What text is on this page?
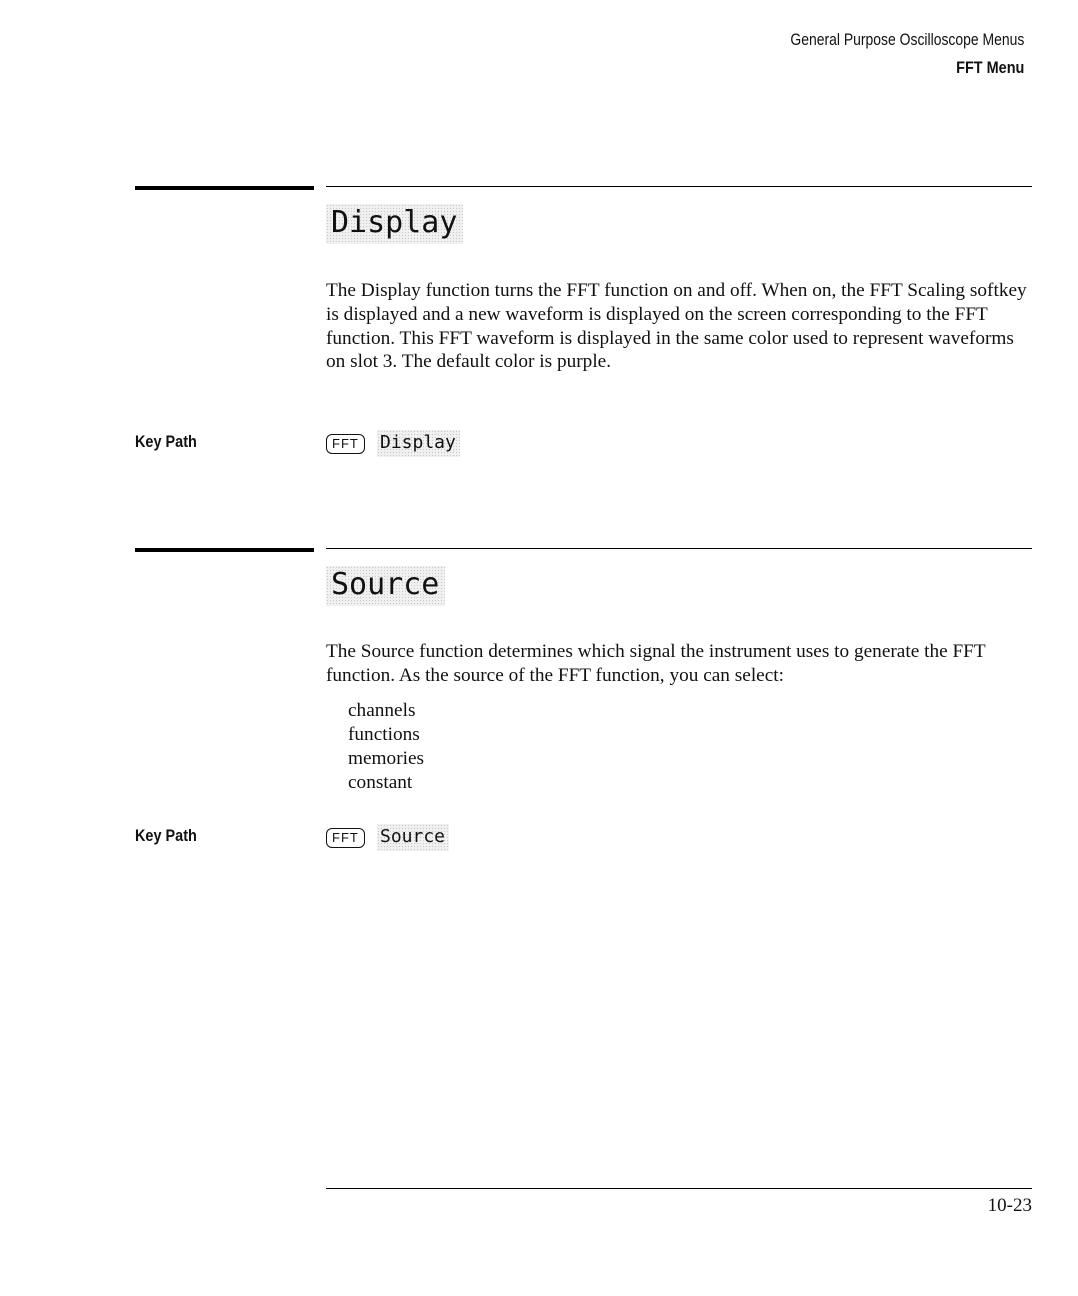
General Purpose Oscilloscope Menus
FFT Menu
Display

The Display function turns the FFT function on and off. When on, the FFT Scaling softkey is displayed and a new waveform is displayed on the screen corresponding to the FFT function. This FFT waveform is displayed in the same color used to represent waveforms on slot 3. The default color is purple.

Key Path	FFT	Display
Source

The Source function determines which signal the instrument uses to generate the FFT function. As the source of the FFT function, you can select:

channels
functions
memories
constant
Key Path	FFT	Source
10-23
